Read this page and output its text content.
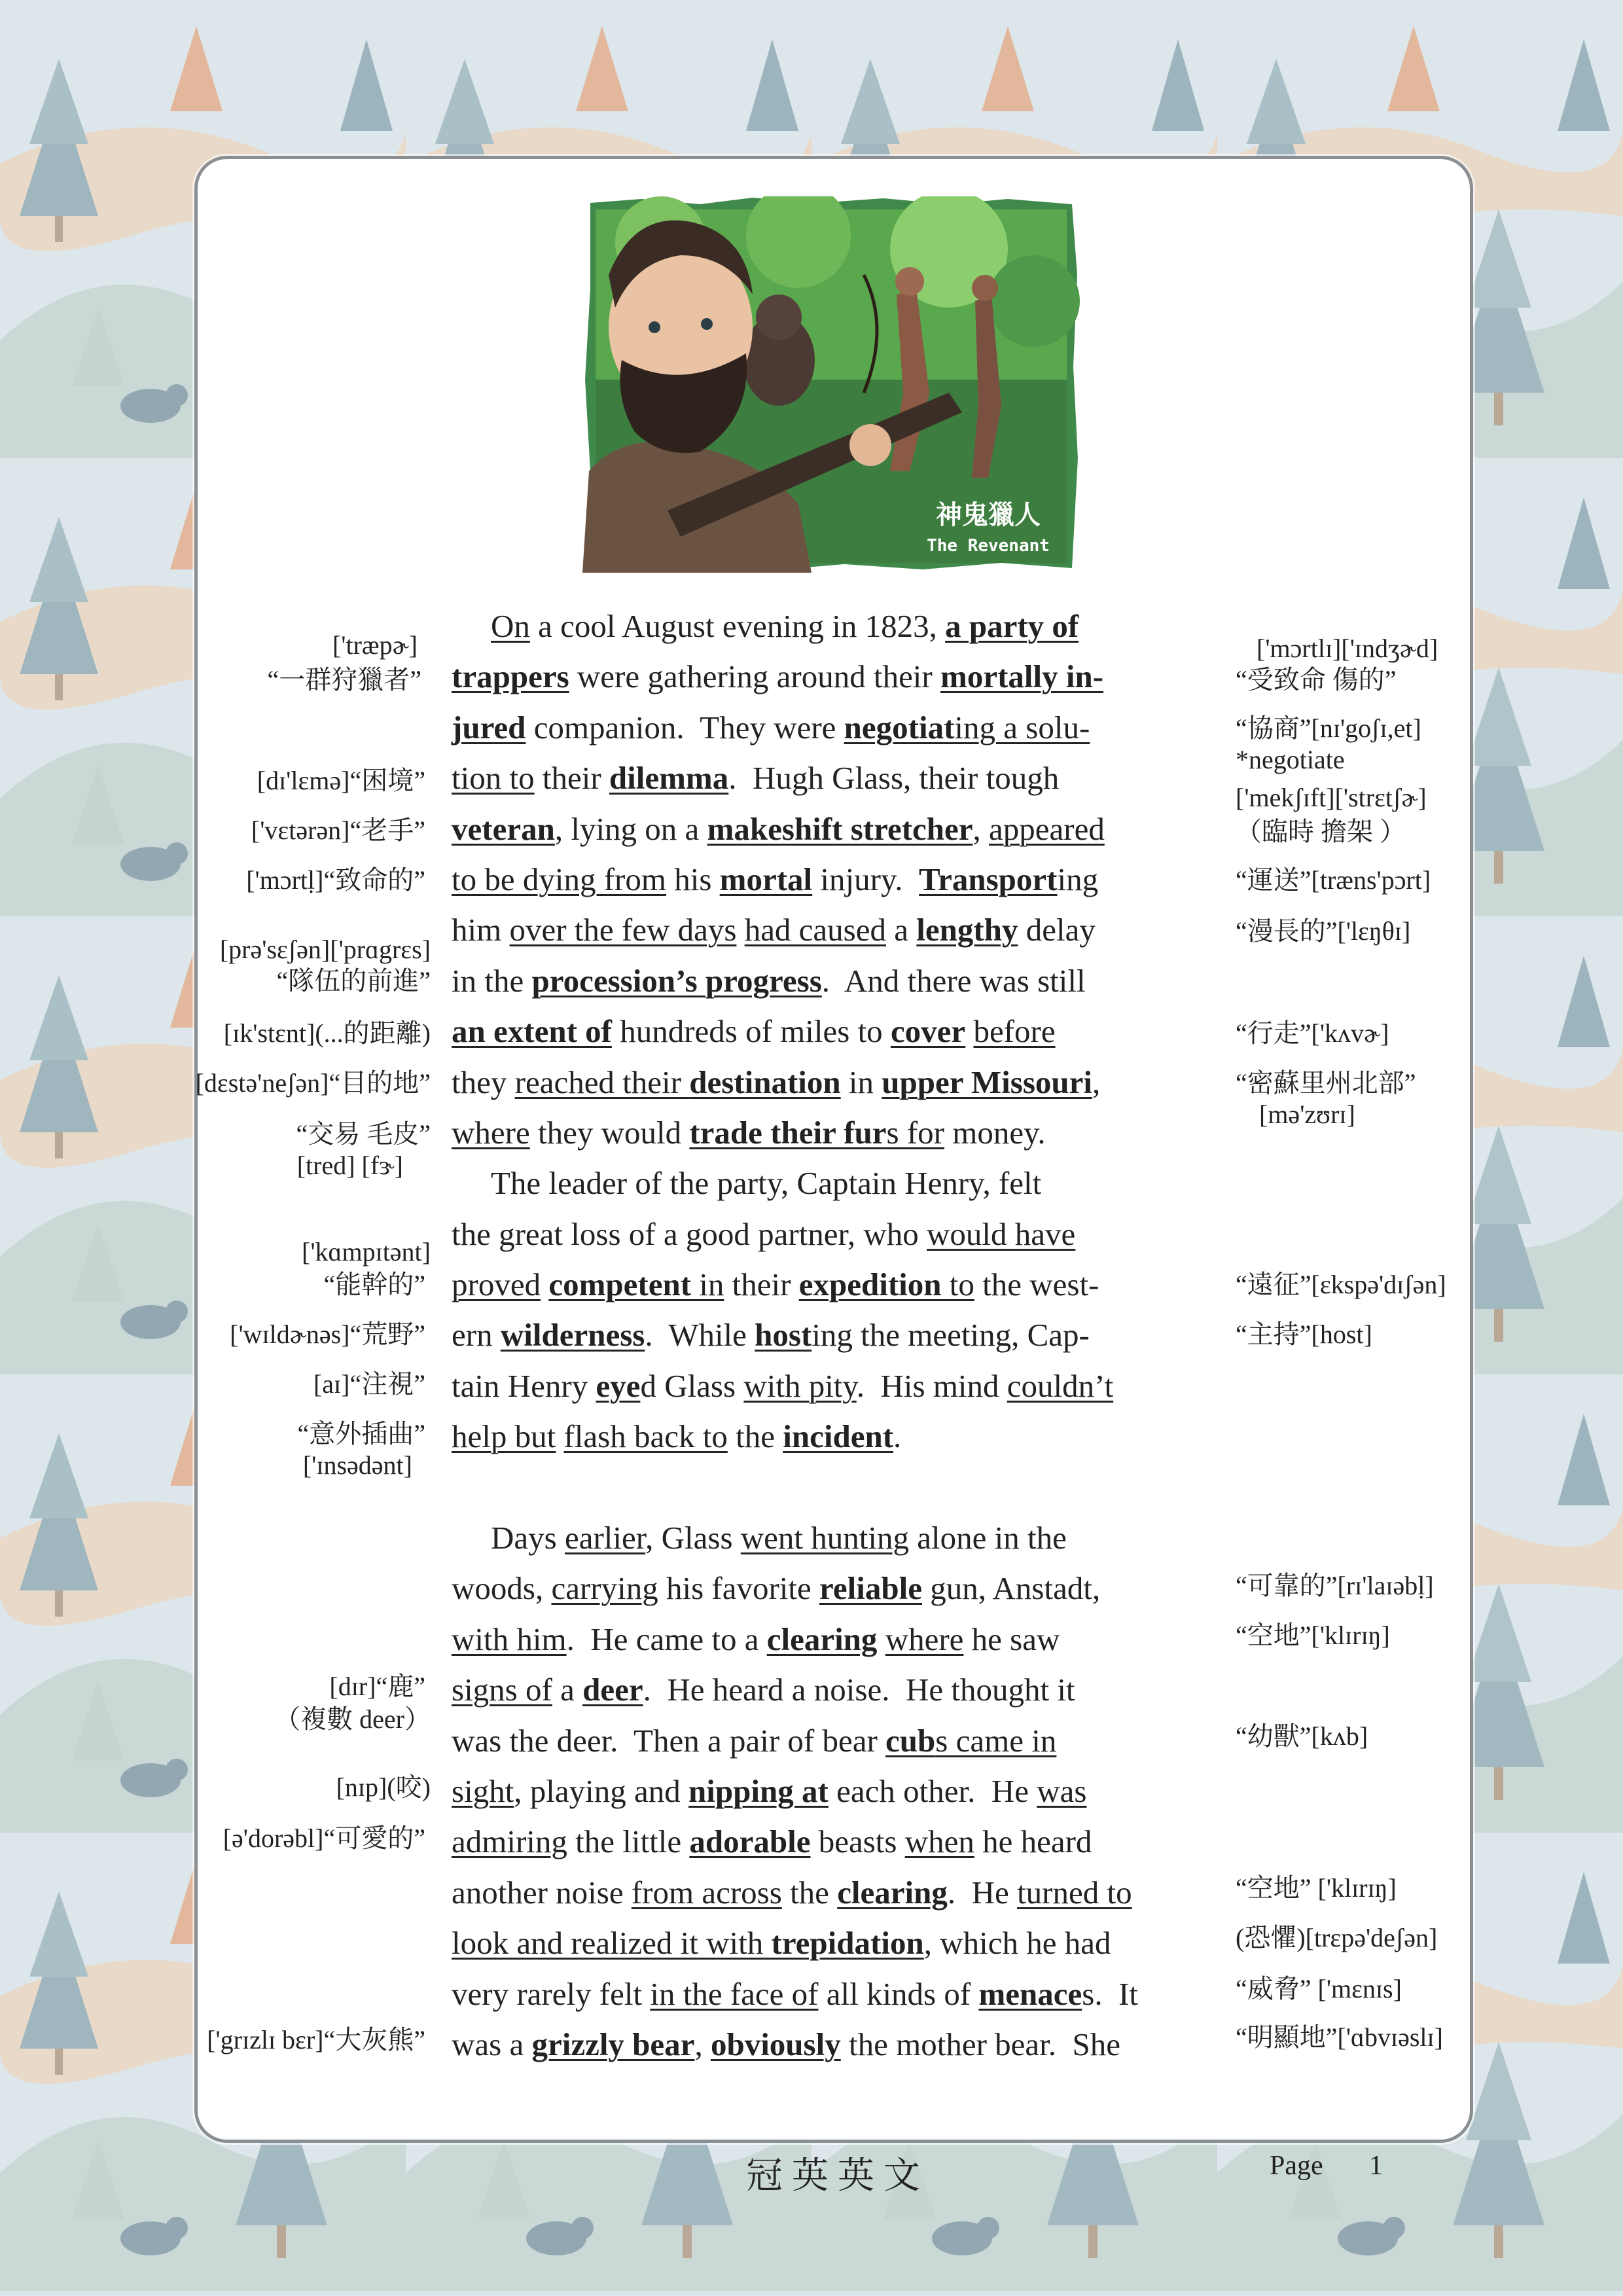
神鬼獵人
The Revenant
On a cool August evening in 1823, a party of
trappers were gathering around their mortally in-
jured companion.  They were negotiating a solu-
tion to their dilemma.  Hugh Glass, their tough
veteran, lying on a makeshift stretcher, appeared
to be dying from his mortal injury.  Transporting
him over the few days had caused a lengthy delay
in the procession’s progress.  And there was still
an extent of hundreds of miles to cover before
they reached their destination in upper Missouri,
where they would trade their furs for money.
The leader of the party, Captain Henry, felt
the great loss of a good partner, who would have
proved competent in their expedition to the west-
ern wilderness.  While hosting the meeting, Cap-
tain Henry eyed Glass with pity.  His mind couldn’t
help but flash back to the incident.
Days earlier, Glass went hunting alone in the
woods, carrying his favorite reliable gun, Anstadt,
with him.  He came to a clearing where he saw
signs of a deer.  He heard a noise.  He thought it
was the deer.  Then a pair of bear cubs came in
sight, playing and nipping at each other.  He was
admiring the little adorable beasts when he heard
another noise from across the clearing.  He turned to
look and realized it with trepidation, which he had
very rarely felt in the face of all kinds of menaces.  It
was a grizzly bear, obviously the mother bear.  She
['træpɚ]
“一群狩獵者”
[dɪ'lɛmə]“困境”
['vɛtərən]“老手”
['mɔrtḷ]“致命的”
[prə'sɛʃən]['prɑgrɛs]
“隊伍的前進”
[ɪk'stɛnt](...的距離)
[dɛstə'neʃən]“目的地”
“交易 毛皮”
[tred] [fɝ]
['kɑmpɪtənt]
“能幹的”
['wɪldɚnəs]“荒野”
[aɪ]“注視”
“意外插曲”
['ɪnsədənt]
[dɪr]“鹿”
（複數 deer）
[nɪp](咬)
[ə'dorəbl]“可愛的”
['grɪzlɪ bɛr]“大灰熊”
['mɔrtlɪ]['ɪndʒɚd]
“受致命 傷的”
“協商”[nɪ'goʃɪ,et]
*negotiate
['mekʃɪft]['strɛtʃɚ]
（臨時 擔架 ）
“運送”[træns'pɔrt]
“漫長的”['lɛŋθɪ]
“行走”['kʌvɚ]
“密蘇里州北部”
[mə'zʊrɪ]
“遠征”[ɛkspə'dɪʃən]
“主持”[host]
“可靠的”[rɪ'laɪəbḷ]
“空地”['klɪrɪŋ]
“幼獸”[kʌb]
“空地” ['klɪrɪŋ]
(恐懼)[trɛpə'deʃən]
“威脅” ['mɛnɪs]
“明顯地”['ɑbvɪəslɪ]
冠英英文	Page 1
